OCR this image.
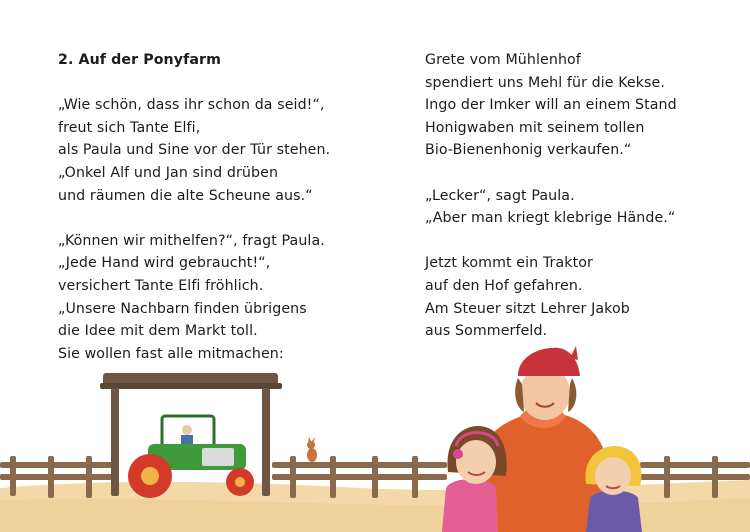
2. Auf der Ponyfarm
„Wie schön, dass ihr schon da seid!“,
freut sich Tante Elfi,
als Paula und Sine vor der Tür stehen.
„Onkel Alf und Jan sind drüben
und räumen die alte Scheune aus.“
„Können wir mithelfen?“, fragt Paula.
„Jede Hand wird gebraucht!“,
versichert Tante Elfi fröhlich.
„Unsere Nachbarn finden übrigens
die Idee mit dem Markt toll.
Sie wollen fast alle mitmachen:
Grete vom Mühlenhof
spendiert uns Mehl für die Kekse.
Ingo der Imker will an einem Stand
Honigwaben mit seinem tollen
Bio-Bienenhonig verkaufen.“
„Lecker“, sagt Paula.
„Aber man kriegt klebrige Hände.“
Jetzt kommt ein Traktor
auf den Hof gefahren.
Am Steuer sitzt Lehrer Jakob
aus Sommerfeld.
